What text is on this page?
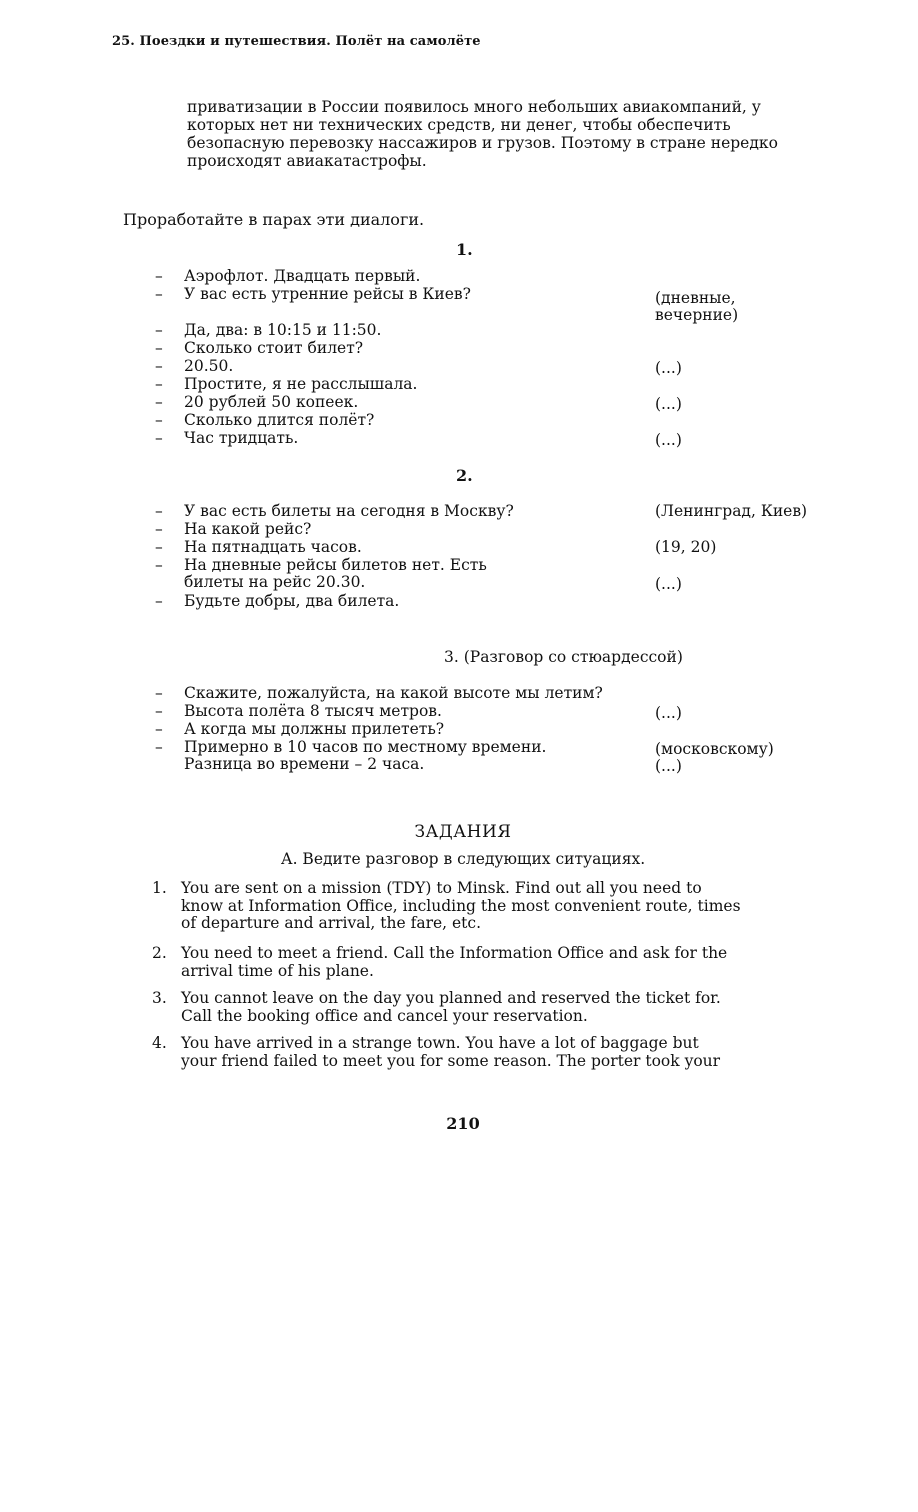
25. Поездки и путешествия. Полёт на самолёте
приватизации в России появилось много небольших авиакомпаний, у
которых нет ни технических средств, ни денег, чтобы обеспечить
безопасную перевозку нассажиров и грузов. Поэтому в стране нередко
происходят авиакатастрофы.
Проработайте в парах эти диалоги.
1.
–	Аэрофлот. Двадцать первый.
–	У вас есть утренние рейсы в Киев?	(дневные,
вечерние)
–	Да, два: в 10:15 и 11:50.
–	Сколько стоит билет?
–	20.50.	(...)
–	Простите, я не расслышала.
–	20 рублей 50 копеек.	(...)
–	Сколько длится полёт?
–	Час тридцать.	(...)
2.
–	У вас есть билеты на сегодня в Москву?	(Ленинград, Киев)
–	На какой рейс?
–	На пятнадцать часов.	(19, 20)
–	На дневные рейсы билетов нет. Есть
билеты на рейс 20.30.	(...)
–	Будьте добры, два билета.
3. (Разговор со стюардессой)
–	Скажите, пожалуйста, на какой высоте мы летим?
–	Высота полёта 8 тысяч метров.	(...)
–	А когда мы должны прилететь?
–	Примерно в 10 часов по местному времени.	(московскому)
Разница во времени – 2 часа.	(...)
ЗАДАНИЯ
А. Ведите разговор в следующих ситуациях.
1. You are sent on a mission (TDY) to Minsk. Find out all you need to
know at Information Office, including the most convenient route, times
of departure and arrival, the fare, etc.
2. You need to meet a friend. Call the Information Office and ask for the
arrival time of his plane.
3. You cannot leave on the day you planned and reserved the ticket for.
Call the booking office and cancel your reservation.
4. You have arrived in a strange town. You have a lot of baggage but
your friend failed to meet you for some reason. The porter took your
210
